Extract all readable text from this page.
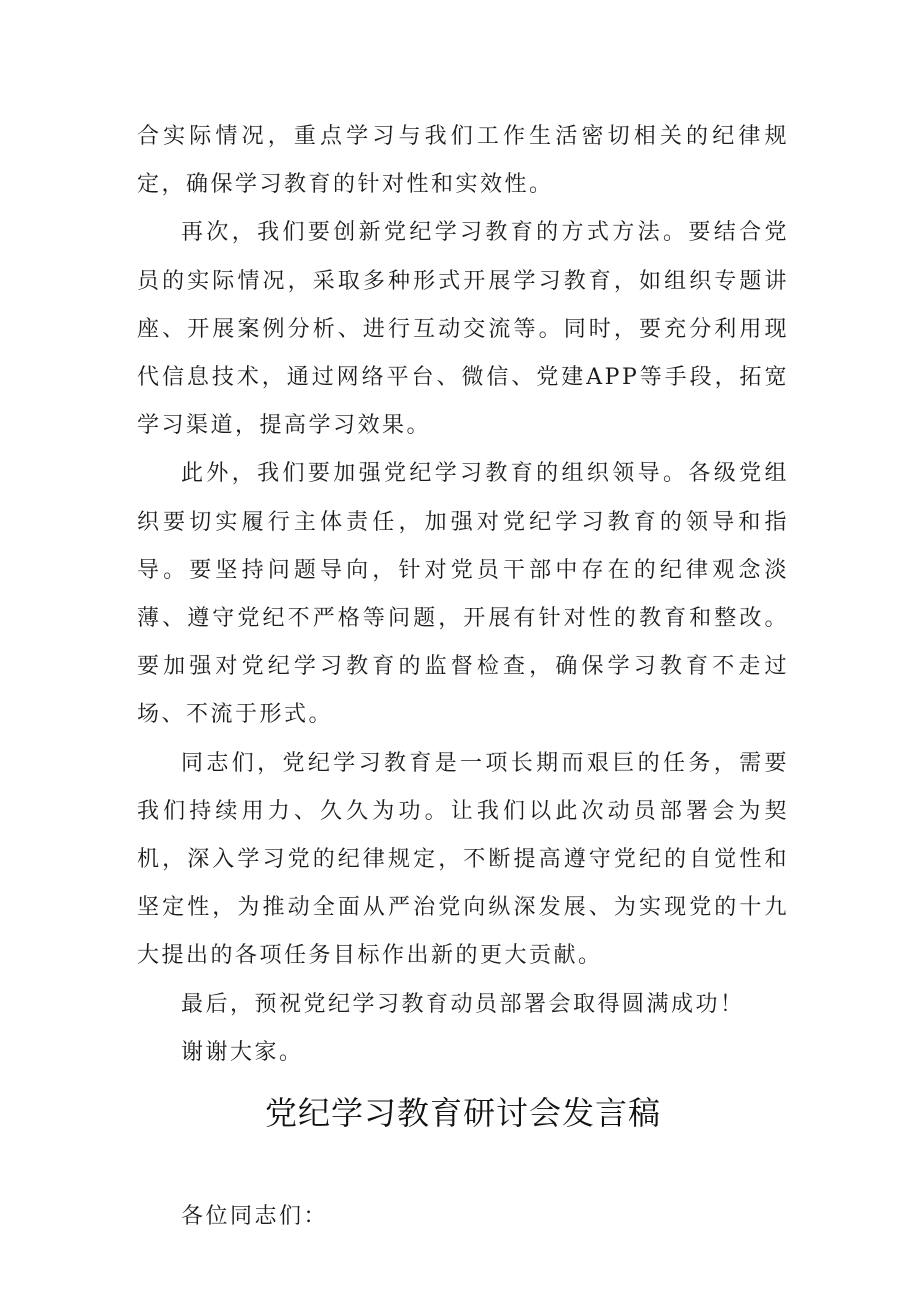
合实际情况，重点学习与我们工作生活密切相关的纪律规定，确保学习教育的针对性和实效性。

再次，我们要创新党纪学习教育的方式方法。要结合党员的实际情况，采取多种形式开展学习教育，如组织专题讲座、开展案例分析、进行互动交流等。同时，要充分利用现代信息技术，通过网络平台、微信、党建APP等手段，拓宽学习渠道，提高学习效果。

此外，我们要加强党纪学习教育的组织领导。各级党组织要切实履行主体责任，加强对党纪学习教育的领导和指导。要坚持问题导向，针对党员干部中存在的纪律观念淡薄、遵守党纪不严格等问题，开展有针对性的教育和整改。要加强对党纪学习教育的监督检查，确保学习教育不走过场、不流于形式。

同志们，党纪学习教育是一项长期而艰巨的任务，需要我们持续用力、久久为功。让我们以此次动员部署会为契机，深入学习党的纪律规定，不断提高遵守党纪的自觉性和坚定性，为推动全面从严治党向纵深发展、为实现党的十九大提出的各项任务目标作出新的更大贡献。

最后，预祝党纪学习教育动员部署会取得圆满成功！

谢谢大家。

党纪学习教育研讨会发言稿

各位同志们：
